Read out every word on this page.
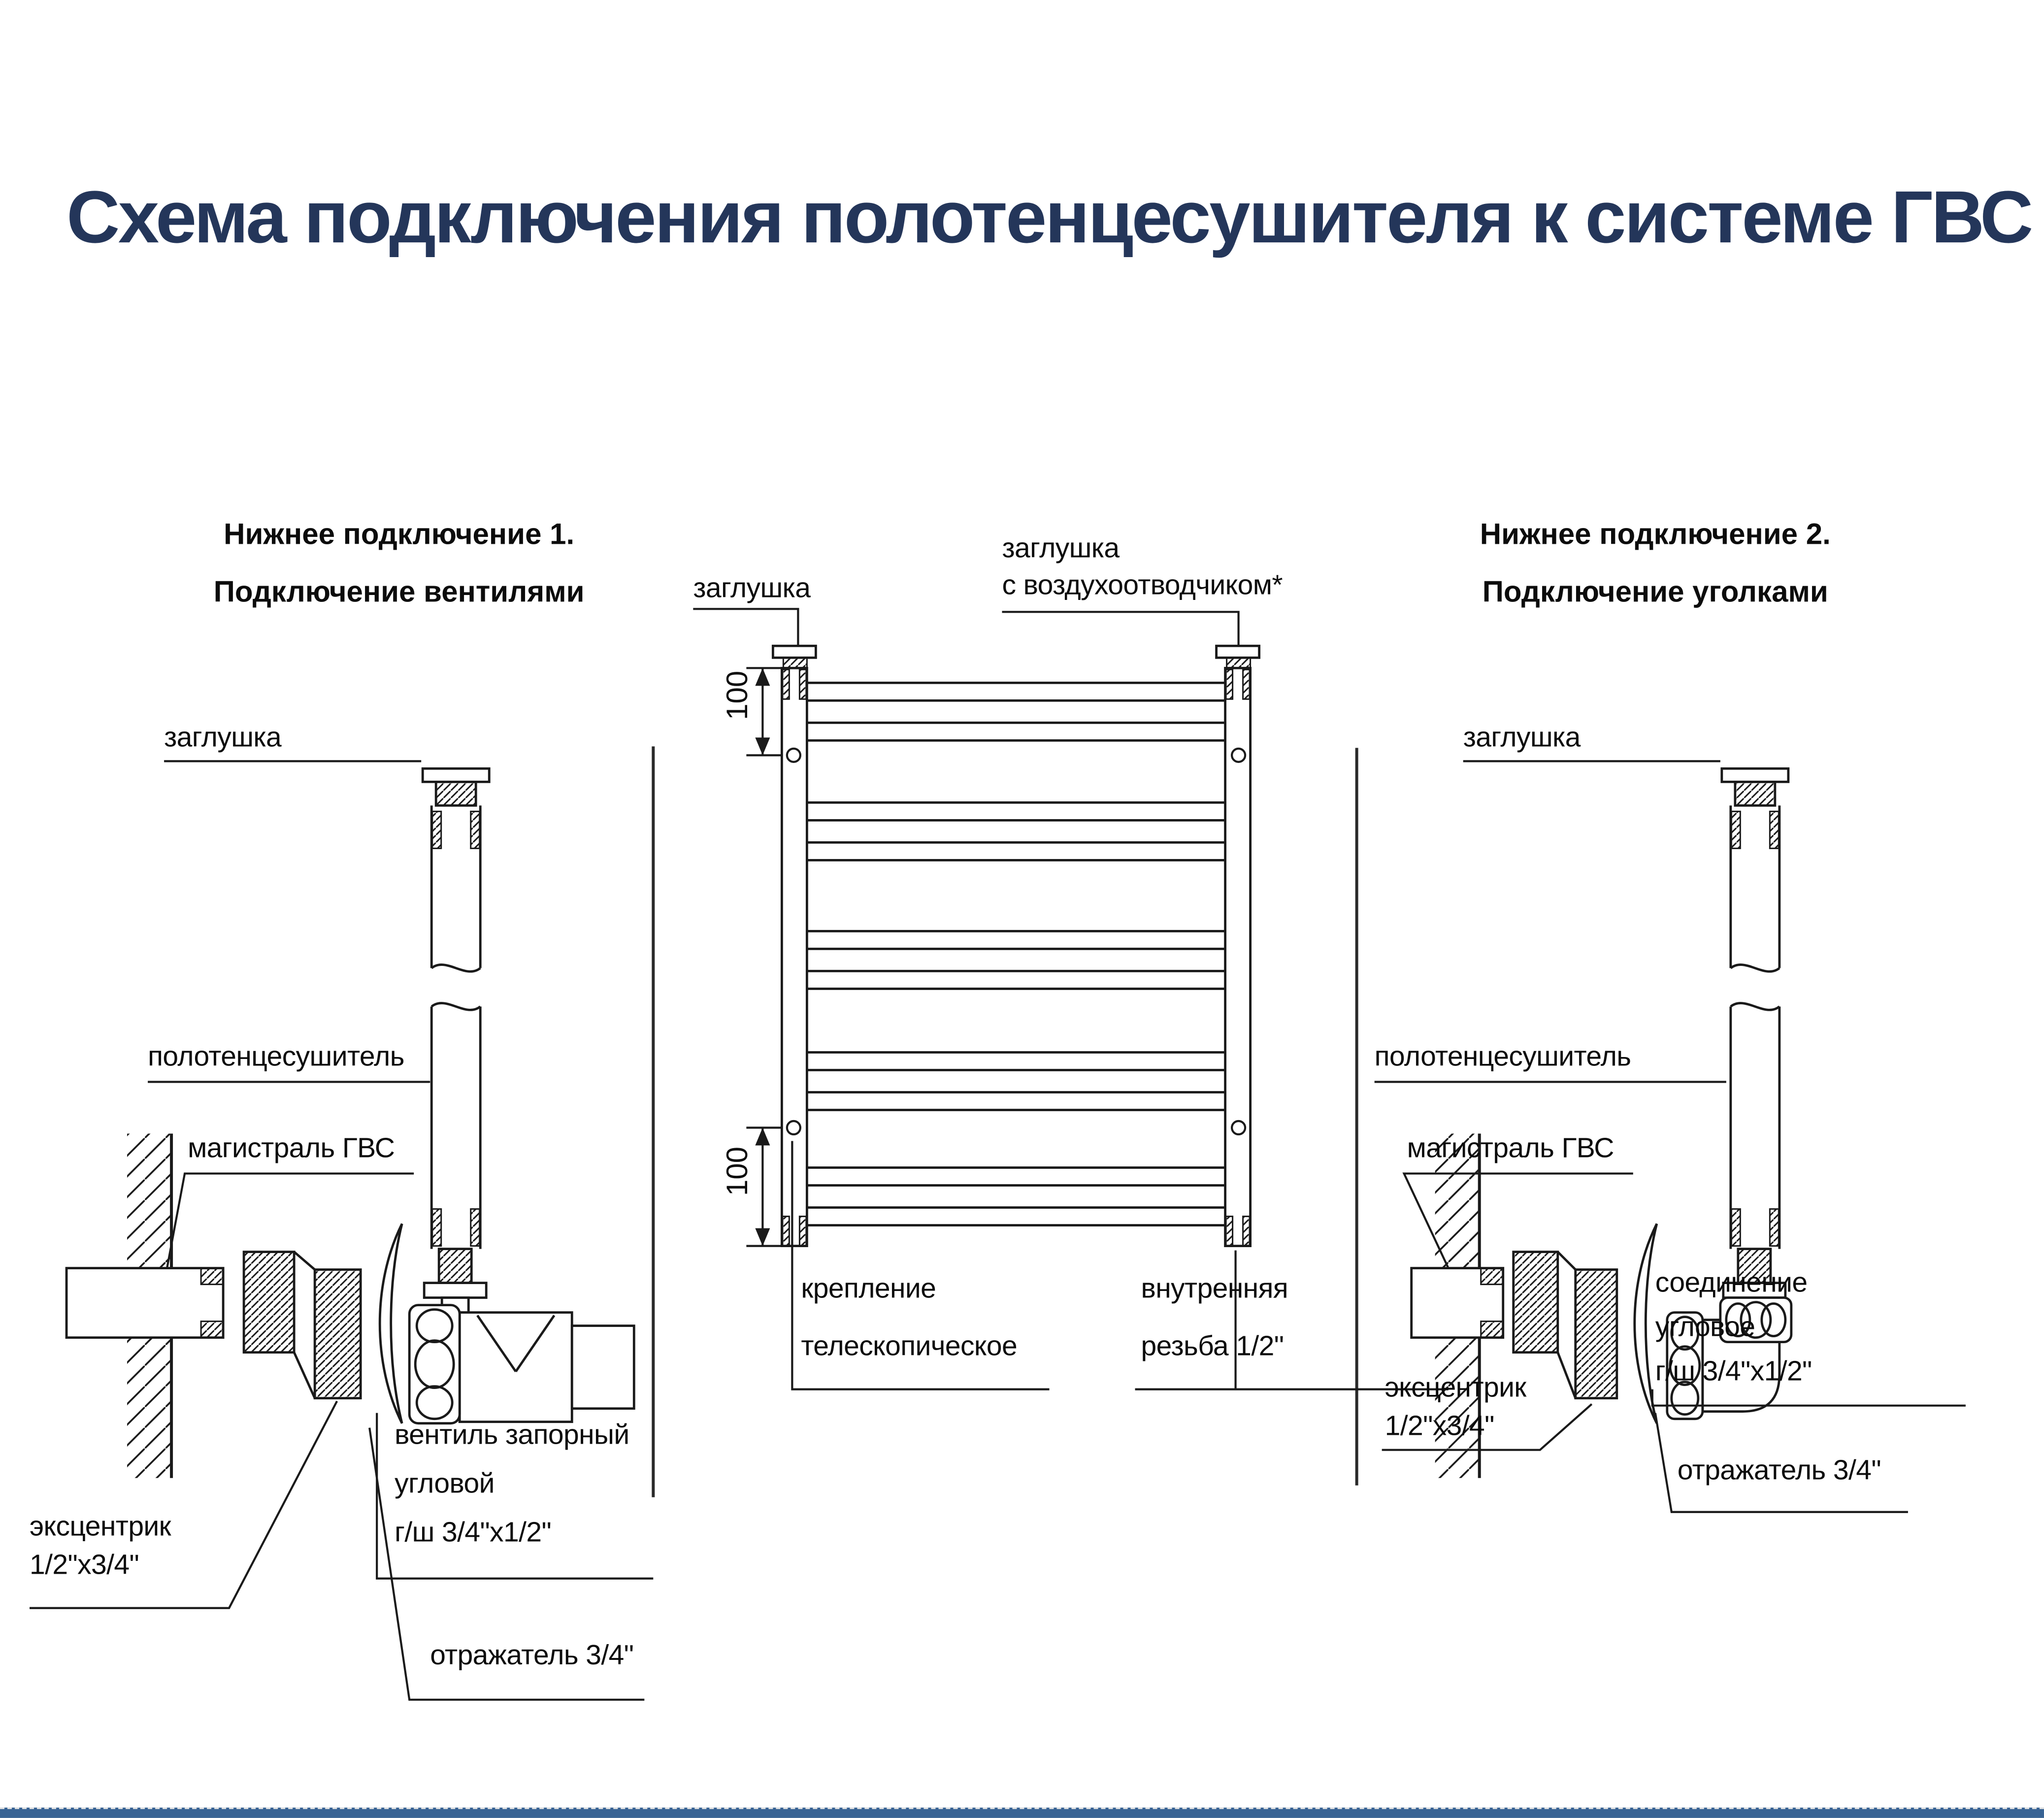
Схема подключения полотенцесушителя к системе ГВС
Нижнее подключение 1.
Подключение вентилями
Нижнее подключение 2.
Подключение уголками
заглушка
полотенцесушитель
магистраль ГВС
эксцентрик
1/2"x3/4"
вентиль запорный
угловой
г/ш 3/4"x1/2"
отражатель 3/4"
заглушка
заглушка
с воздухоотводчиком*
100
100
крепление
телескопическое
внутренняя
резьба 1/2"
заглушка
полотенцесушитель
магистраль ГВС
эксцентрик
1/2"x3/4"
соединение
угловое
г/ш 3/4"x1/2"
отражатель 3/4"
